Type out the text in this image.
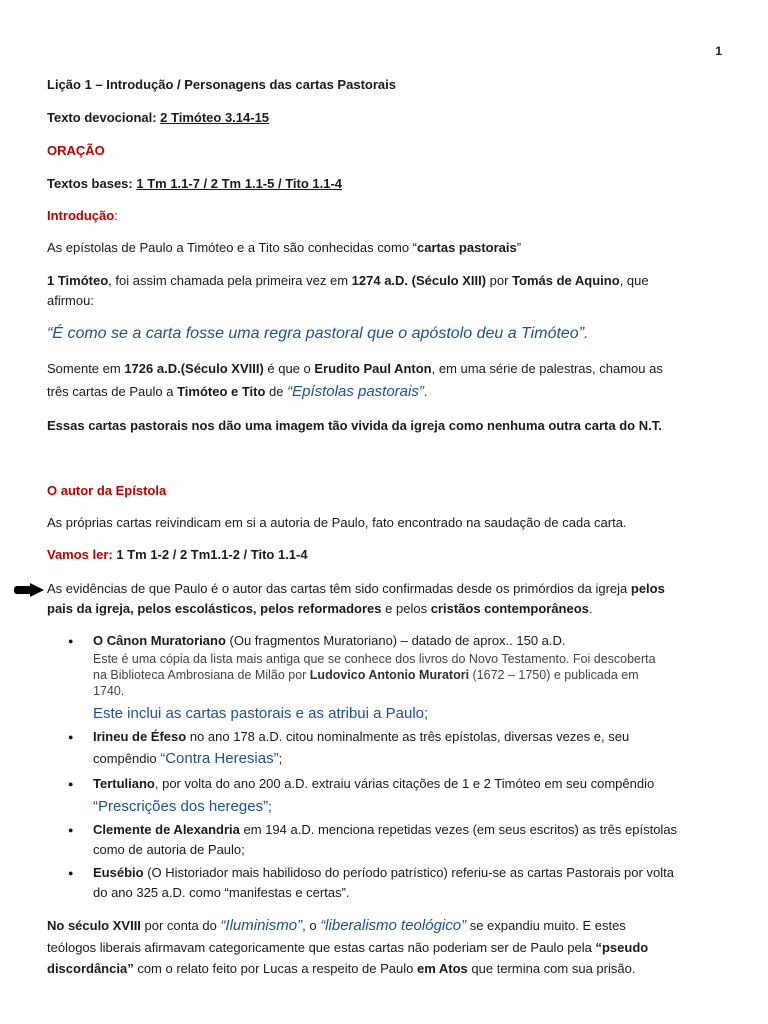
1
Lição 1 – Introdução / Personagens das cartas Pastorais
Texto devocional: 2 Timóteo 3.14-15
ORAÇÃO
Textos bases: 1 Tm 1.1-7 / 2 Tm 1.1-5 / Tito 1.1-4
Introdução:
As epístolas de Paulo a Timóteo e a Tito são conhecidas como “cartas pastorais”
1 Timóteo, foi assim chamada pela primeira vez em 1274 a.D. (Século XIII) por Tomás de Aquino, que
afirmou:
“É como se a carta fosse uma regra pastoral que o apóstolo deu a Timóteo”.
Somente em 1726 a.D.(Século XVIII) é que o Erudito Paul Anton, em uma série de palestras, chamou as
três cartas de Paulo a Timóteo e Tito de “Epístolas pastorais”.
Essas cartas pastorais nos dão uma imagem tão vivida da igreja como nenhuma outra carta do N.T.
O autor da Epístola
As próprias cartas reivindicam em si a autoria de Paulo, fato encontrado na saudação de cada carta.
Vamos ler: 1 Tm 1-2 / 2 Tm1.1-2 / Tito 1.1-4
As evidências de que Paulo é o autor das cartas têm sido confirmadas desde os primórdios da igreja pelos
pais da igreja, pelos escolásticos, pelos reformadores e pelos cristãos contemporâneos.
● O Cânon Muratoriano (Ou fragmentos Muratoriano) – datado de aprox.. 150 a.D.
Este é uma cópia da lista mais antiga que se conhece dos livros do Novo Testamento. Foi descoberta
na Biblioteca Ambrosiana de Milão por Ludovico Antonio Muratori (1672 – 1750) e publicada em
1740.
Este inclui as cartas pastorais e as atribui a Paulo;
● Irineu de Éfeso no ano 178 a.D. citou nominalmente as três epístolas, diversas vezes e, seu
compêndio “Contra Heresias”;
● Tertuliano, por volta do ano 200 a.D. extraiu várias citações de 1 e 2 Timóteo em seu compêndio
“Prescrições dos hereges”;
● Clemente de Alexandria em 194 a.D. menciona repetidas vezes (em seus escritos) as três epístolas
como de autoria de Paulo;
● Eusébio (O Historiador mais habilidoso do período patrístico) referiu-se as cartas Pastorais por volta
do ano 325 a.D. como “manifestas e certas”.
No século XVIII por conta do “Iluminismo”, o “liberalismo teológico” se expandiu muito. E estes
teólogos liberais afirmavam categoricamente que estas cartas não poderiam ser de Paulo pela “pseudo
discordância” com o relato feito por Lucas a respeito de Paulo em Atos que termina com sua prisão.
